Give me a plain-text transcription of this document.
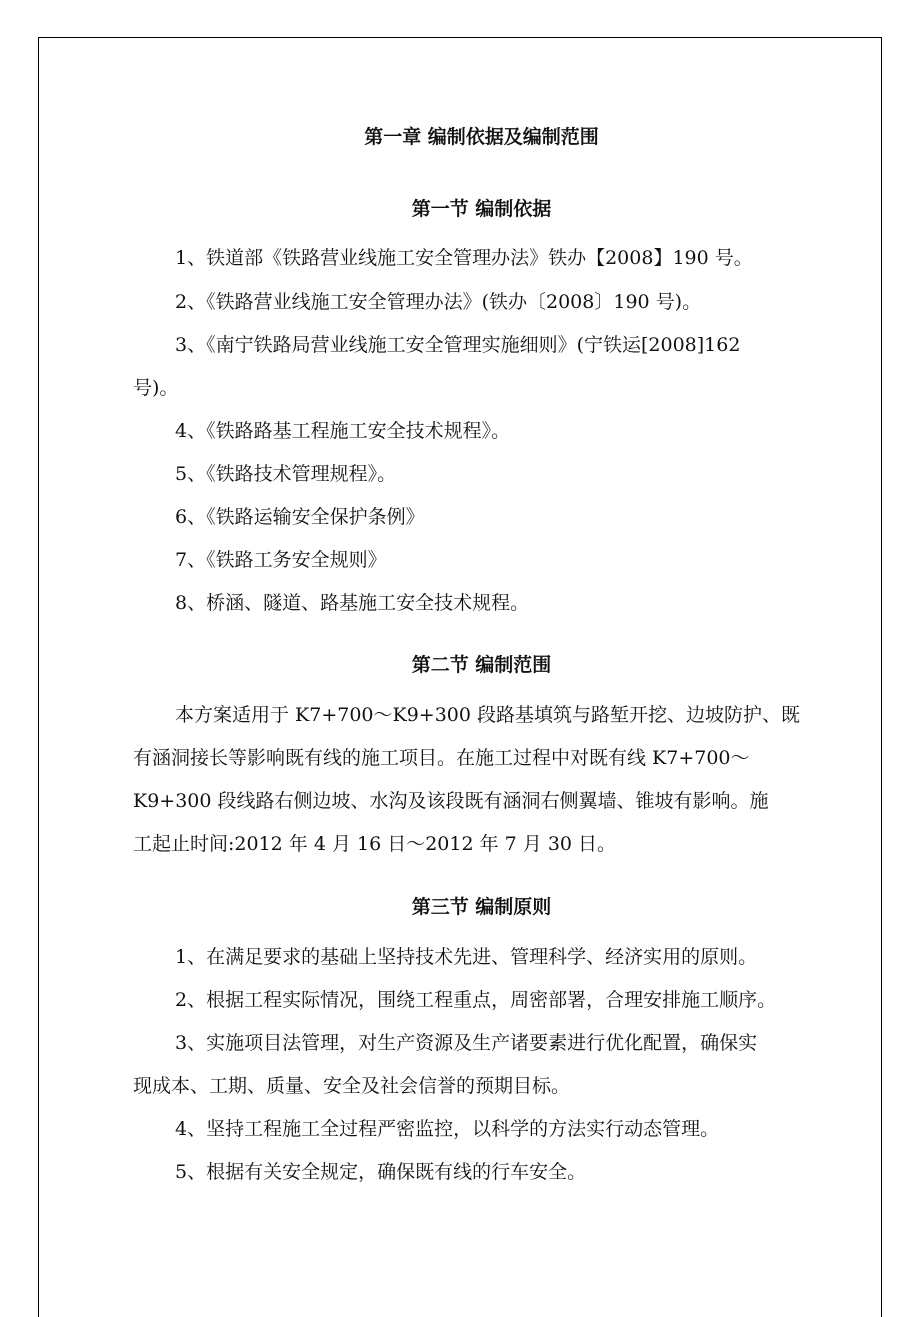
第一章 编制依据及编制范围
第一节 编制依据
1、铁道部《铁路营业线施工安全管理办法》铁办【2008】190 号。
2、《铁路营业线施工安全管理办法》(铁办〔2008〕190 号)。
3、《南宁铁路局营业线施工安全管理实施细则》(宁铁运[2008]162
号)。
4、《铁路路基工程施工安全技术规程》。
5、《铁路技术管理规程》。
6、《铁路运输安全保护条例》
7、《铁路工务安全规则》
8、桥涵、隧道、路基施工安全技术规程。
第二节 编制范围
本方案适用于 K7+700～K9+300 段路基填筑与路堑开挖、边坡防护、既
有涵洞接长等影响既有线的施工项目。在施工过程中对既有线 K7+700～
K9+300 段线路右侧边坡、水沟及该段既有涵洞右侧翼墙、锥坡有影响。施
工起止时间:2012 年 4 月 16 日～2012 年 7 月 30 日。
第三节 编制原则
1、在满足要求的基础上坚持技术先进、管理科学、经济实用的原则。
2、根据工程实际情况，围绕工程重点，周密部署，合理安排施工顺序。
3、实施项目法管理，对生产资源及生产诸要素进行优化配置，确保实
现成本、工期、质量、安全及社会信誉的预期目标。
4、坚持工程施工全过程严密监控，以科学的方法实行动态管理。
5、根据有关安全规定，确保既有线的行车安全。
